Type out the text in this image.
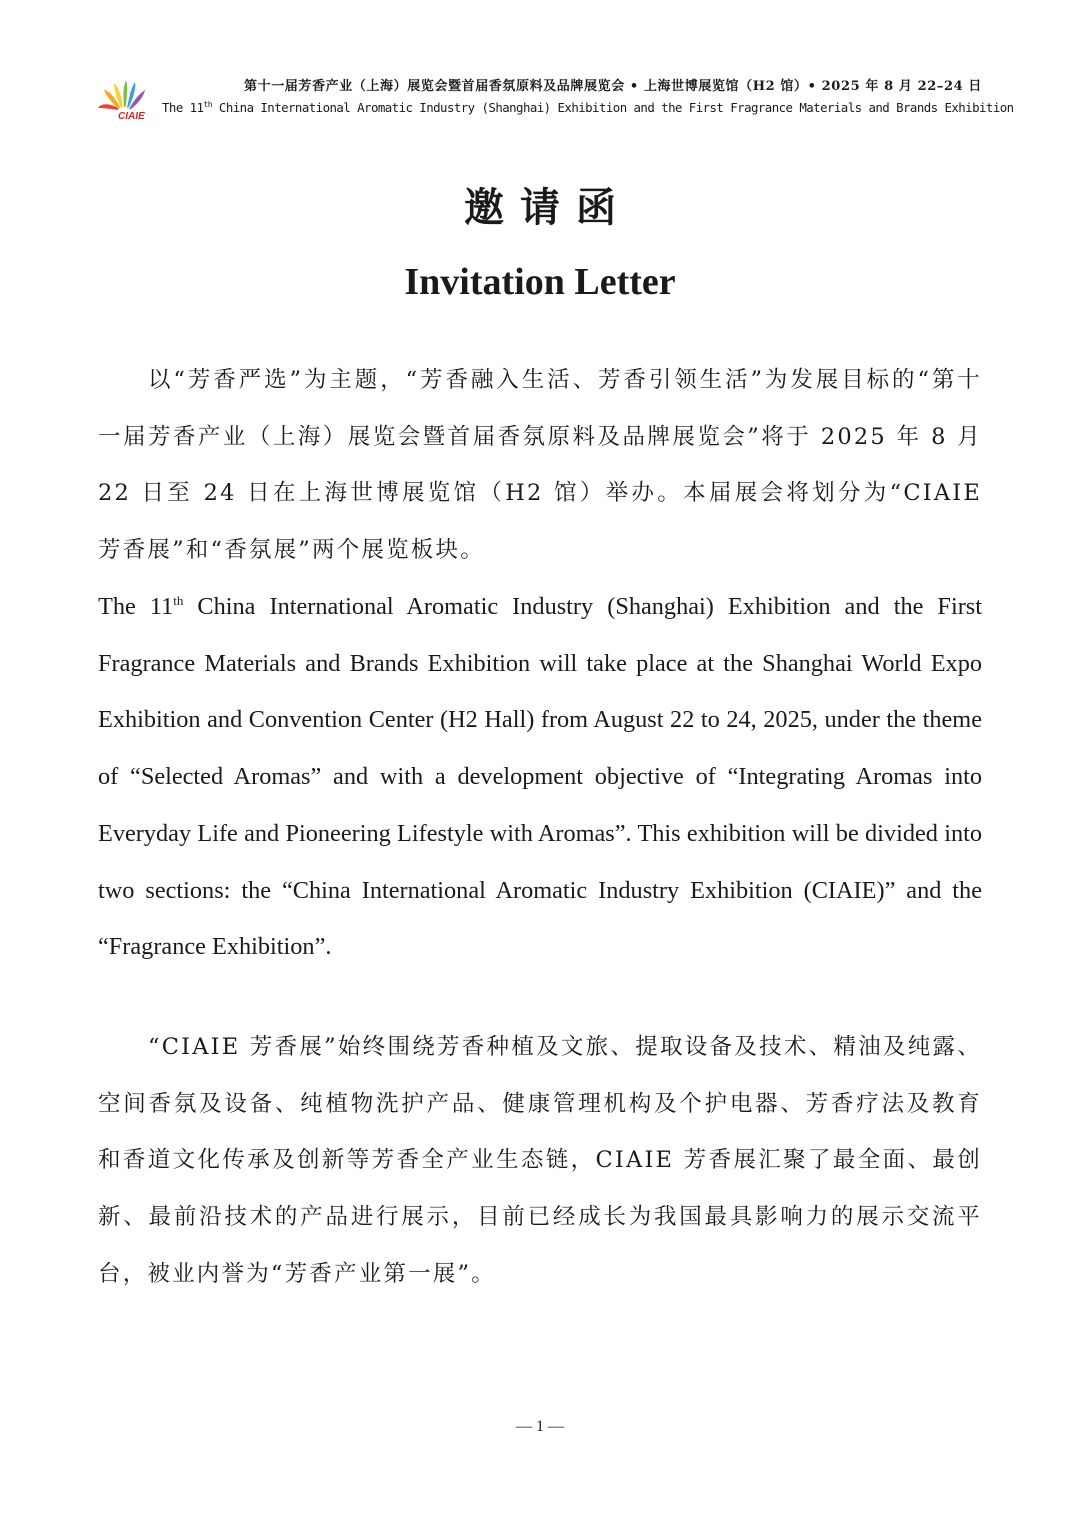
CIAIE
第十一届芳香产业（上海）展览会暨首届香氛原料及品牌展览会 • 上海世博展览馆（H2 馆）• 2025 年 8 月 22–24 日
The 11th China International Aromatic Industry (Shanghai) Exhibition and the First Fragrance Materials and Brands Exhibition
邀请函
Invitation Letter

以“芳香严选”为主题，“芳香融入生活、芳香引领生活”为发展目标的“第十一届芳香产业（上海）展览会暨首届香氛原料及品牌展览会”将于 2025 年 8 月 22 日至 24 日在上海世博展览馆（H2 馆）举办。本届展会将划分为“CIAIE 芳香展”和“香氛展”两个展览板块。

The 11th China International Aromatic Industry (Shanghai) Exhibition and the First Fragrance Materials and Brands Exhibition will take place at the Shanghai World Expo Exhibition and Convention Center (H2 Hall) from August 22 to 24, 2025, under the theme of “Selected Aromas” and with a development objective of “Integrating Aromas into Everyday Life and Pioneering Lifestyle with Aromas”. This exhibition will be divided into two sections: the “China International Aromatic Industry Exhibition (CIAIE)” and the “Fragrance Exhibition”.

“CIAIE 芳香展”始终围绕芳香种植及文旅、提取设备及技术、精油及纯露、空间香氛及设备、纯植物洗护产品、健康管理机构及个护电器、芳香疗法及教育和香道文化传承及创新等芳香全产业生态链，CIAIE 芳香展汇聚了最全面、最创新、最前沿技术的产品进行展示，目前已经成长为我国最具影响力的展示交流平台，被业内誉为“芳香产业第一展”。

— 1 —
